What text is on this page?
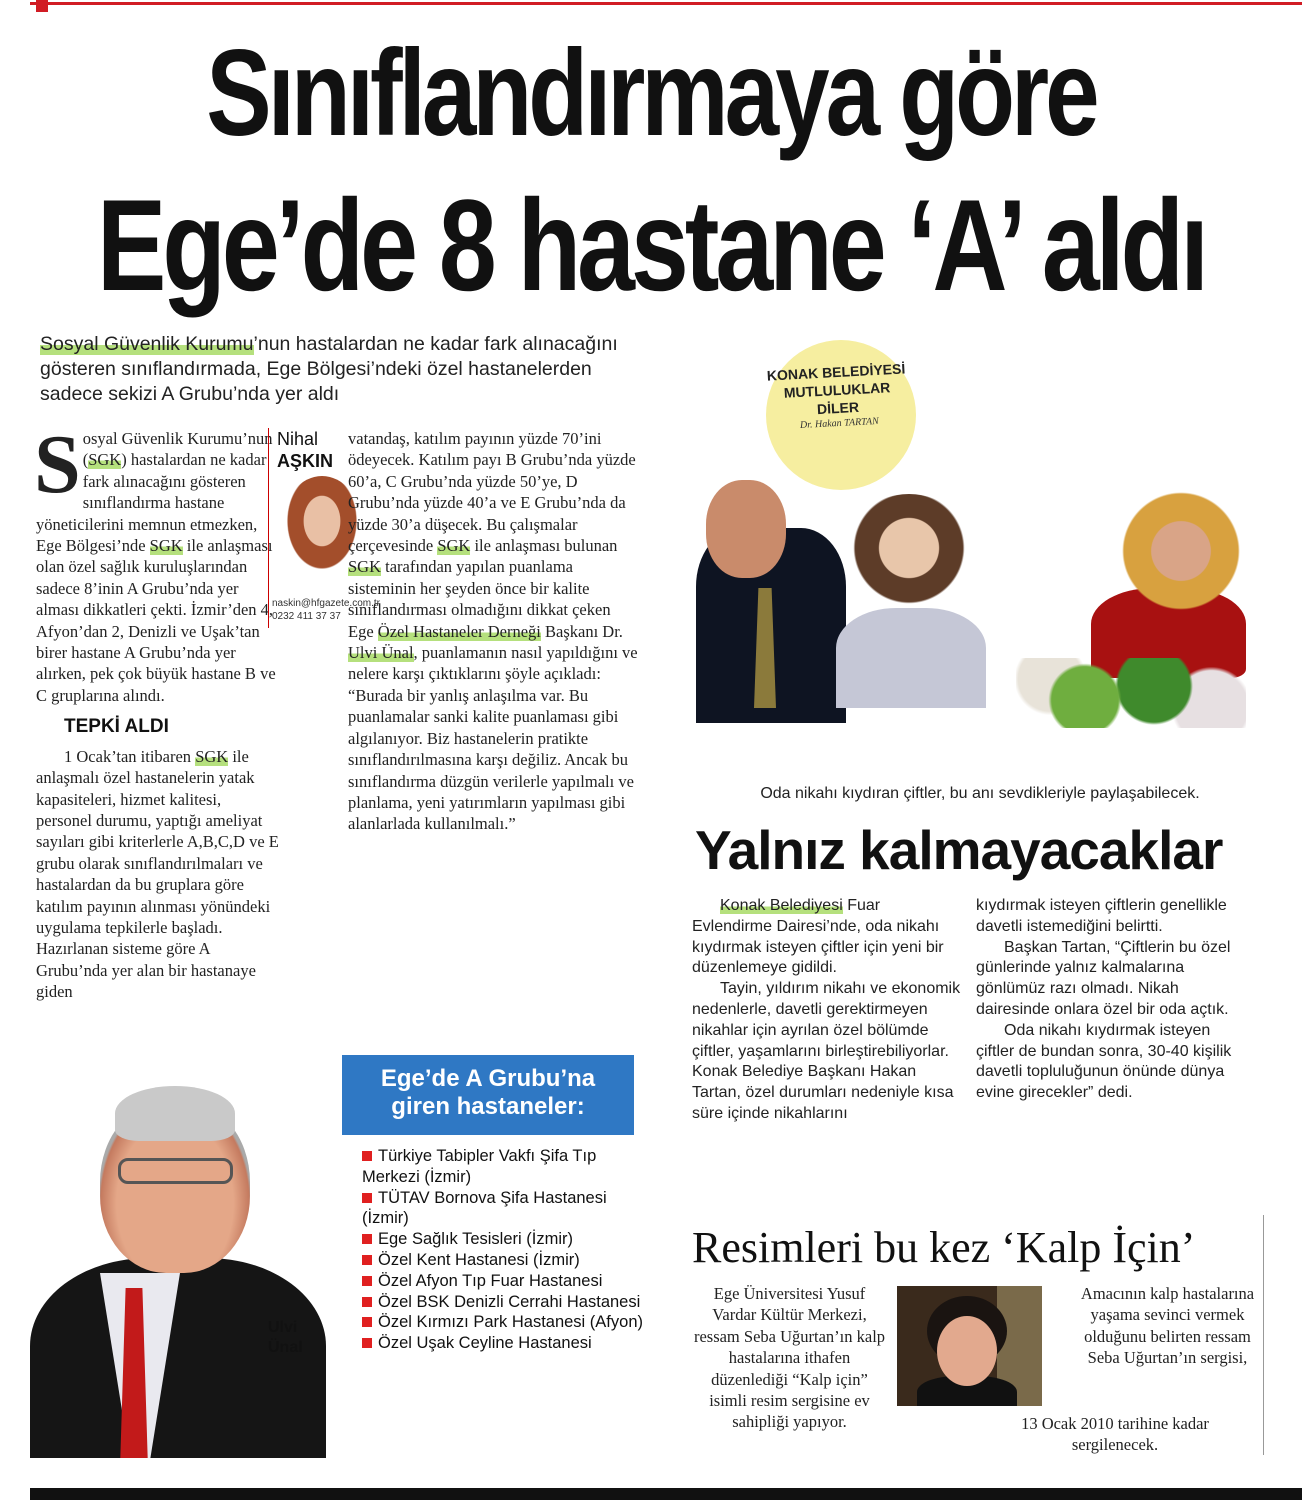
Sınıflandırmaya göre
Ege’de 8 hastane ‘A’ aldı
Sosyal Güvenlik Kurumu’nun hastalardan ne kadar fark alınacağını gösteren sınıflandırmada, Ege Bölgesi’ndeki özel hastanelerden sadece sekizi A Grubu’nda yer aldı
Sosyal Güvenlik Kurumu’nun (SGK) hastalardan ne kadar fark alınacağını gösteren sınıflandırma hastane yöneticilerini memnun etmezken, Ege Bölgesi’nde SGK ile anlaşması olan özel sağlık kuruluşlarından sadece 8’inin A Grubu’nda yer alması dikkatleri çekti. İzmir’den 4, Afyon’dan 2, Denizli ve Uşak’tan birer hastane A Grubu’nda yer alırken, pek çok büyük hastane B ve C gruplarına alındı.
TEPKİ ALDI
1 Ocak’tan itibaren SGK ile anlaşmalı özel hastanelerin yatak kapasiteleri, hizmet kalitesi, personel durumu, yaptığı ameliyat sayıları gibi kriterlerle A,B,C,D ve E grubu olarak sınıflandırılmaları ve hastalardan da bu gruplara göre katılım payının alınması yönündeki uygulama tepkilerle başladı. Hazırlanan sisteme göre A Grubu’nda yer alan bir hastanaye giden
Nihal
AŞKIN
naskin@hfgazete.com.tr
0232 411 37 37
vatandaş, katılım payının yüzde 70’ini ödeyecek. Katılım payı B Grubu’nda yüzde 60’a, C Grubu’nda yüzde 50’ye, D Grubu’nda yüzde 40’a ve E Grubu’nda da yüzde 30’a düşecek. Bu çalışmalar çerçevesinde SGK ile anlaşması bulunan SGK tarafından yapılan puanlama sisteminin her şeyden önce bir kalite sınıflandırması olmadığını dikkat çeken Ege Özel Hastaneler Derneği Başkanı Dr. Ulvi Ünal, puanlamanın nasıl yapıldığını ve nelere karşı çıktıklarını şöyle açıkladı: “Burada bir yanlış anlaşılma var. Bu puanlamalar sanki kalite puanlaması gibi algılanıyor. Biz hastanelerin pratikte sınıflandırılmasına karşı değiliz. Ancak bu sınıflandırma düzgün verilerle yapılmalı ve planlama, yeni yatırımların yapılması gibi alanlarlada kullanılmalı.”
Ulvi
Ünal
Ege’de A Grubu’na
giren hastaneler:
Türkiye Tabipler Vakfı Şifa Tıp Merkezi (İzmir)
TÜTAV Bornova Şifa Hastanesi (İzmir)
Ege Sağlık Tesisleri (İzmir)
Özel Kent Hastanesi (İzmir)
Özel Afyon Tıp Fuar Hastanesi
Özel BSK Denizli Cerrahi Hastanesi
Özel Kırmızı Park Hastanesi (Afyon)
Özel Uşak Ceyline Hastanesi
KONAK BELEDİYESİ
MUTLULUKLAR DİLER
Dr. Hakan TARTAN
Oda nikahı kıydıran çiftler, bu anı sevdikleriyle paylaşabilecek.
Yalnız kalmayacaklar
Konak Belediyesi Fuar Evlendirme Dairesi’nde, oda nikahı kıydırmak isteyen çiftler için yeni bir düzenlemeye gidildi.
Tayin, yıldırım nikahı ve ekonomik nedenlerle, davetli gerektirmeyen nikahlar için ayrılan özel bölümde çiftler, yaşamlarını birleştirebiliyorlar. Konak Belediye Başkanı Hakan Tartan, özel durumları nedeniyle kısa süre içinde nikahlarını
kıydırmak isteyen çiftlerin genellikle davetli istemediğini belirtti.
Başkan Tartan, “Çiftlerin bu özel günlerinde yalnız kalmalarına gönlümüz razı olmadı. Nikah dairesinde onlara özel bir oda açtık.
Oda nikahı kıydırmak isteyen çiftler de bundan sonra, 30-40 kişilik davetli topluluğunun önünde dünya evine girecekler” dedi.
Resimleri bu kez ‘Kalp İçin’
Ege Üniversitesi Yusuf Vardar Kültür Merkezi, ressam Seba Uğurtan’ın kalp hastalarına ithafen düzenlediği “Kalp için” isimli resim sergisine ev sahipliği yapıyor.
Amacının kalp hastalarına yaşama sevinci vermek olduğunu belirten ressam Seba Uğurtan’ın sergisi,
13 Ocak 2010 tarihine kadar sergilenecek.
